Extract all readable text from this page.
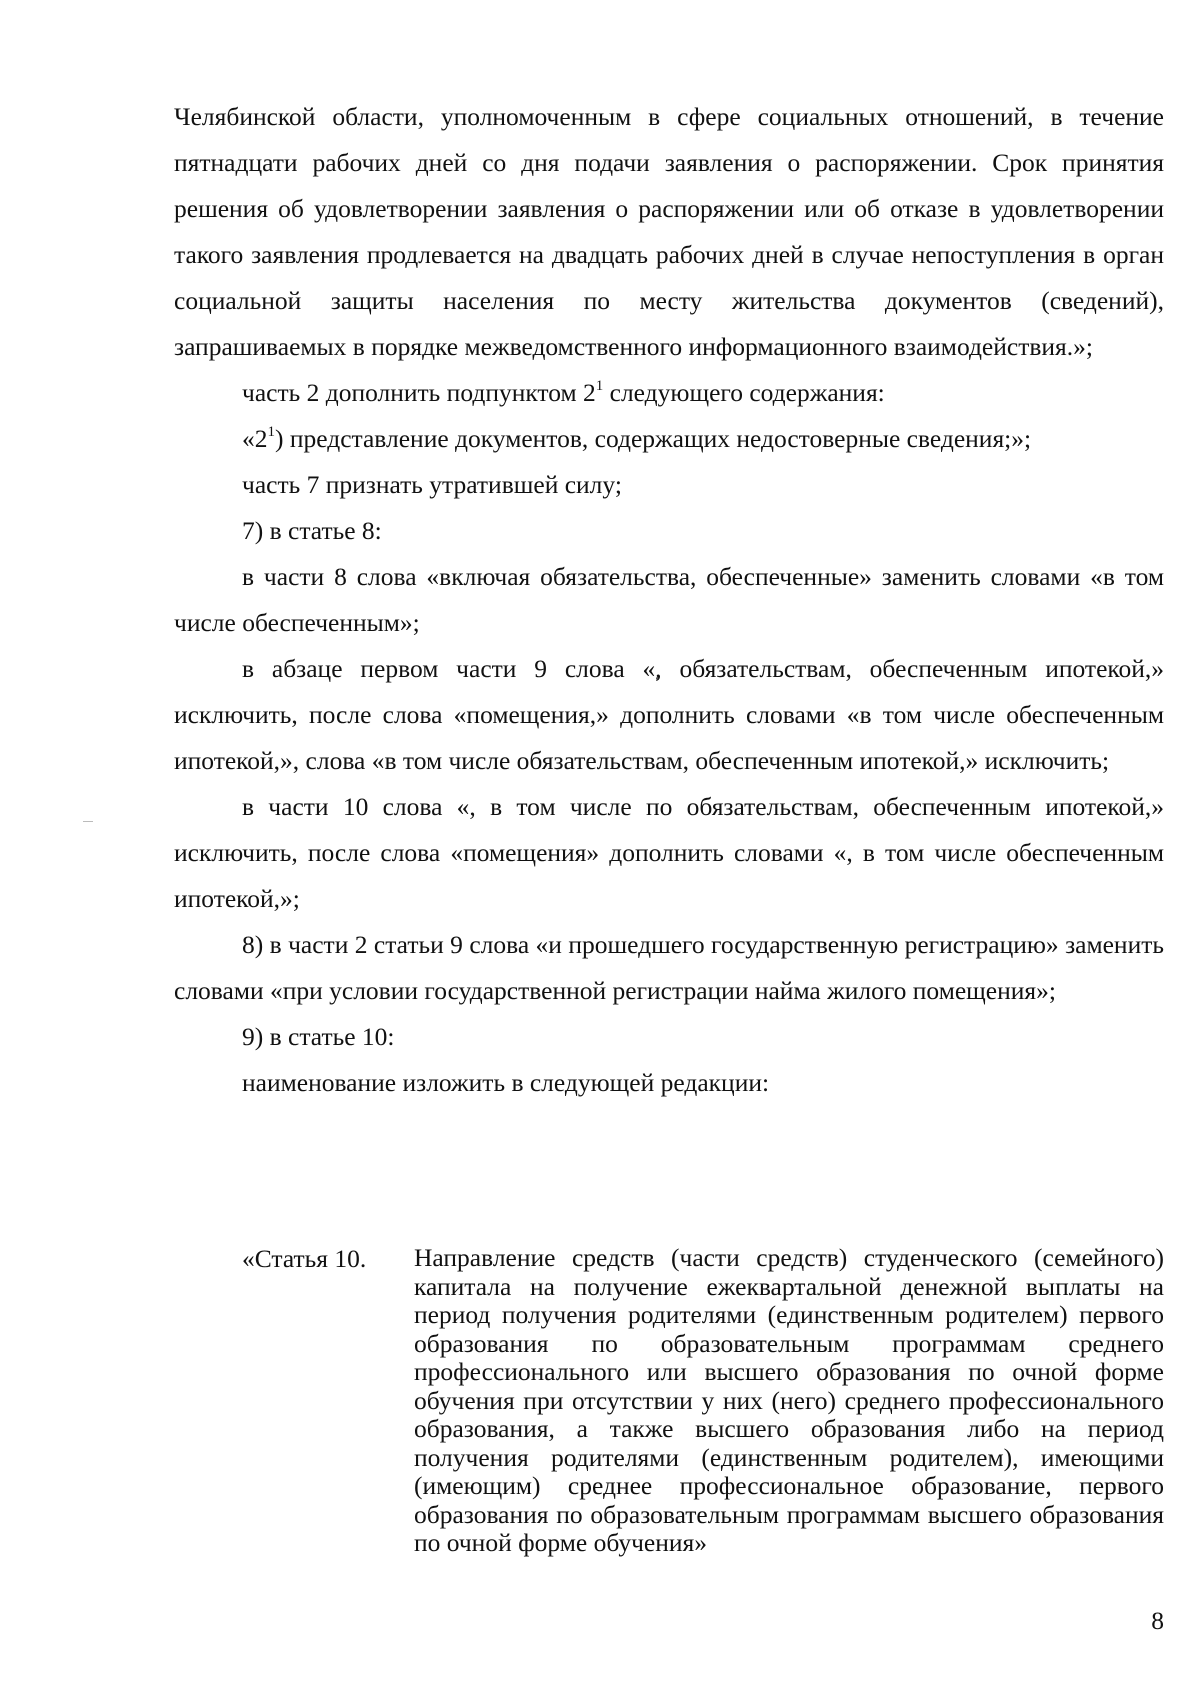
Челябинской области, уполномоченным в сфере социальных отношений, в течение пятнадцати рабочих дней со дня подачи заявления о распоряжении. Срок принятия решения об удовлетворении заявления о распоряжении или об отказе в удовлетворении такого заявления продлевается на двадцать рабочих дней в случае непоступления в орган социальной защиты населения по месту жительства документов (сведений), запрашиваемых в порядке межведомственного информационного взаимодействия.»;

часть 2 дополнить подпунктом $2^1$ следующего содержания:

«$2^1$) представление документов, содержащих недостоверные сведения;»;

часть 7 признать утратившей силу;

7) в статье 8:

в части 8 слова «включая обязательства, обеспеченные» заменить словами «в том числе обеспеченным»;

в абзаце первом части 9 слова «, обязательствам, обеспеченным ипотекой,» исключить, после слова «помещения,» дополнить словами «в том числе обеспеченным ипотекой,», слова «в том числе обязательствам, обеспеченным ипотекой,» исключить;

в части 10 слова «, в том числе по обязательствам, обеспеченным ипотекой,» исключить, после слова «помещения» дополнить словами «, в том числе обеспеченным ипотекой,»;

8) в части 2 статьи 9 слова «и прошедшего государственную регистрацию» заменить словами «при условии государственной регистрации найма жилого помещения»;

9) в статье 10:

наименование изложить в следующей редакции:

«Статья 10.	Направление средств (части средств) студенческого (семейного) капитала на получение ежеквартальной денежной выплаты на период получения родителями (единственным родителем) первого образования по образовательным программам среднего профессионального или высшего образования по очной форме обучения при отсутствии у них (него) среднего профессионального образования, а также высшего образования либо на период получения родителями (единственным родителем), имеющими (имеющим) среднее профессиональное образование, первого образования по образовательным программам высшего образования по очной форме обучения»
8
